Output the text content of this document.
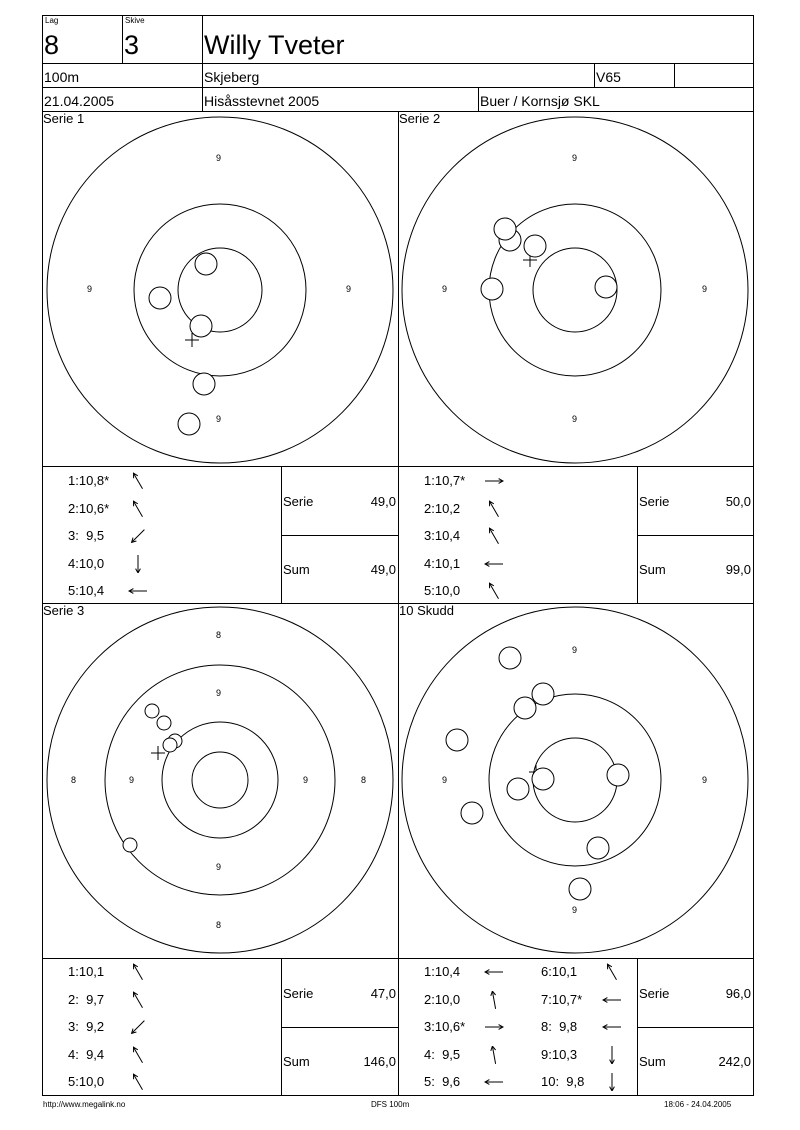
Lag
8
Skive
3 Willy Tveter
100m	Skjeberg	V65
21.04.2005	Hisåsstevnet 2005	Buer / Kornsjø SKL
Serie 1	Serie 2
Serie 3	10 Skudd
9
9
9	9
9
9
9	9
8
9
9
8
8	9	9	8
9
9
9	9
1:10,8*
2:10,6*
3:  9,5
4:10,0
5:10,4
1:10,7*
2:10,2
3:10,4
4:10,1
5:10,0
1:10,1
2:  9,7
3:  9,2
4:  9,4
5:10,0
1:10,4
2:10,0
3:10,6*
4:  9,5
5:  9,6
6:10,1
7:10,7*
8:  9,8
9:10,3
10:  9,8
Serie	49,0
Sum	49,0
Serie	50,0
Sum	99,0
Serie	47,0
Sum	146,0
Serie	96,0
Sum	242,0
http://www.megalink.no	DFS 100m	18:06 - 24.04.2005
